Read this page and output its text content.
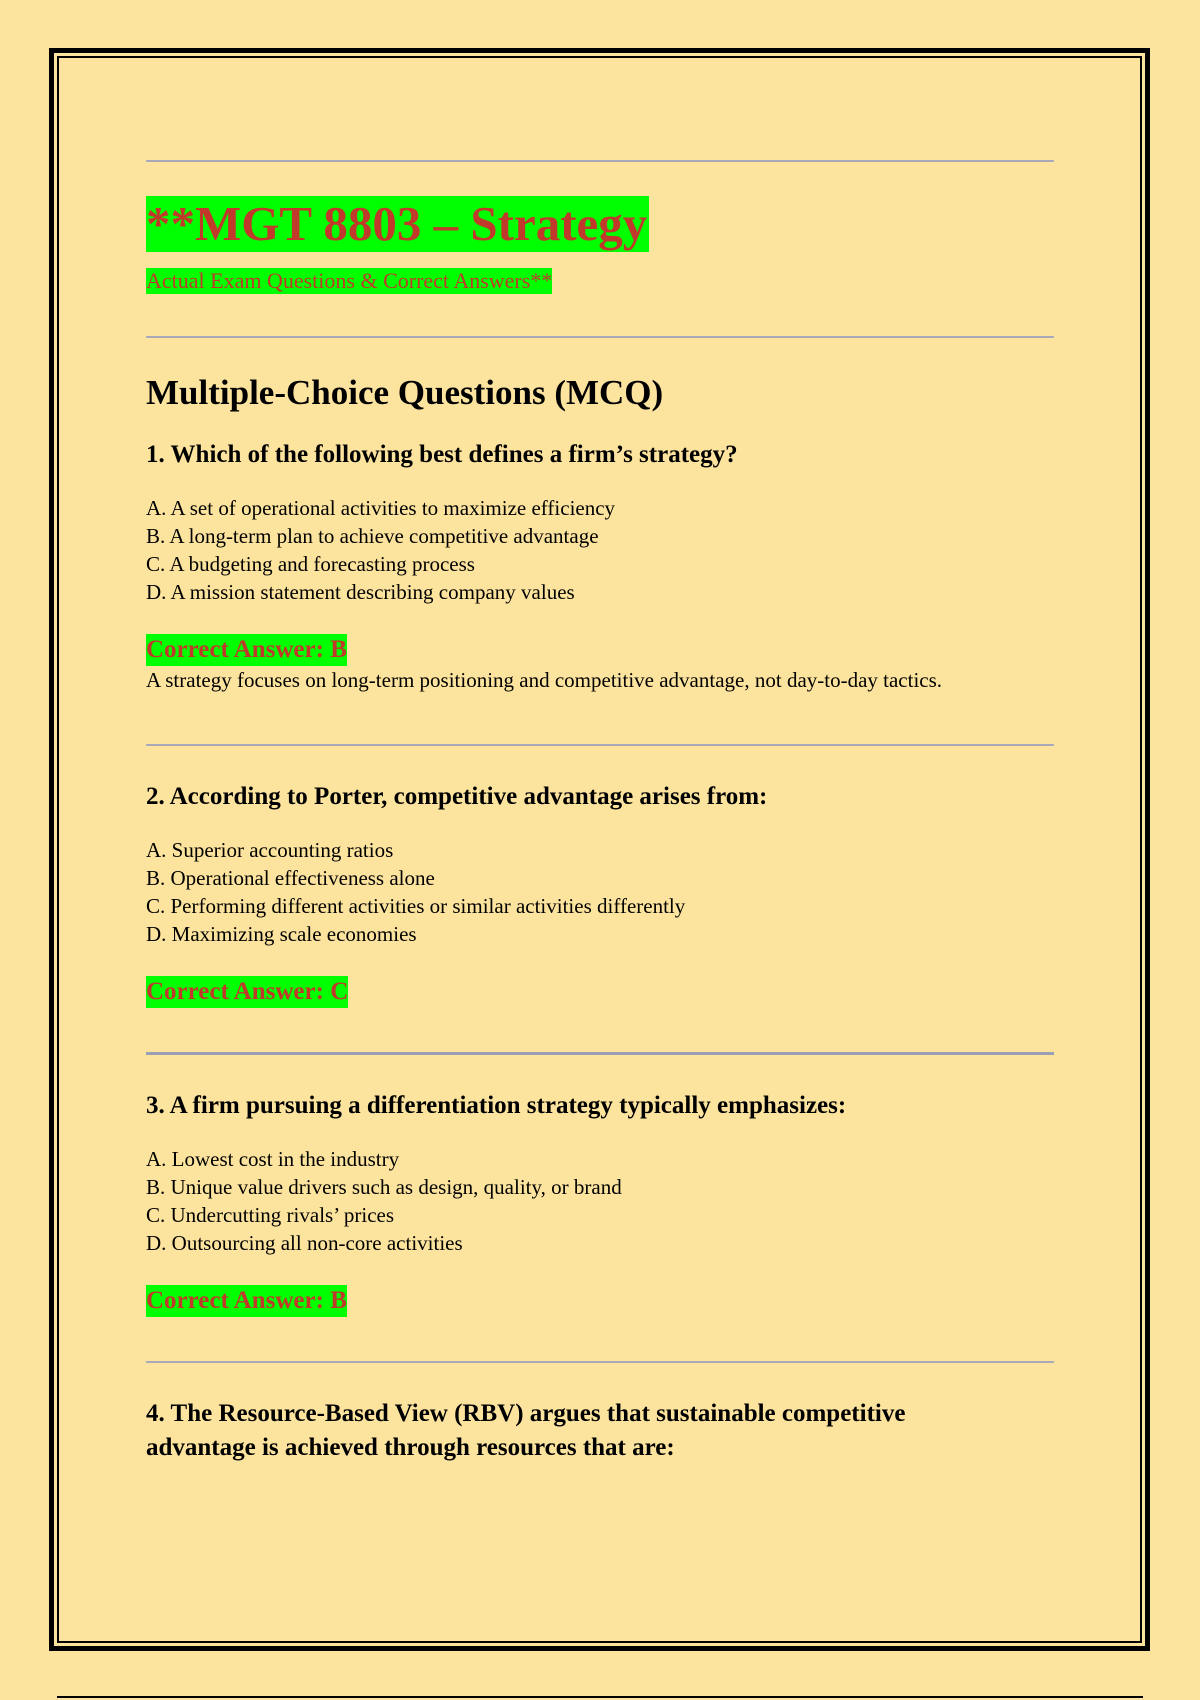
**MGT 8803 – Strategy
Actual Exam Questions & Correct Answers**
Multiple-Choice Questions (MCQ)

1. Which of the following best defines a firm’s strategy?

A. A set of operational activities to maximize efficiency
B. A long-term plan to achieve competitive advantage
C. A budgeting and forecasting process
D. A mission statement describing company values
Correct Answer: B

A strategy focuses on long-term positioning and competitive advantage, not day-to-day tactics.

2. According to Porter, competitive advantage arises from:

A. Superior accounting ratios
B. Operational effectiveness alone
C. Performing different activities or similar activities differently
D. Maximizing scale economies
Correct Answer: C

3. A firm pursuing a differentiation strategy typically emphasizes:

A. Lowest cost in the industry
B. Unique value drivers such as design, quality, or brand
C. Undercutting rivals’ prices
D. Outsourcing all non-core activities
Correct Answer: B

4. The Resource-Based View (RBV) argues that sustainable competitive advantage is achieved through resources that are:
